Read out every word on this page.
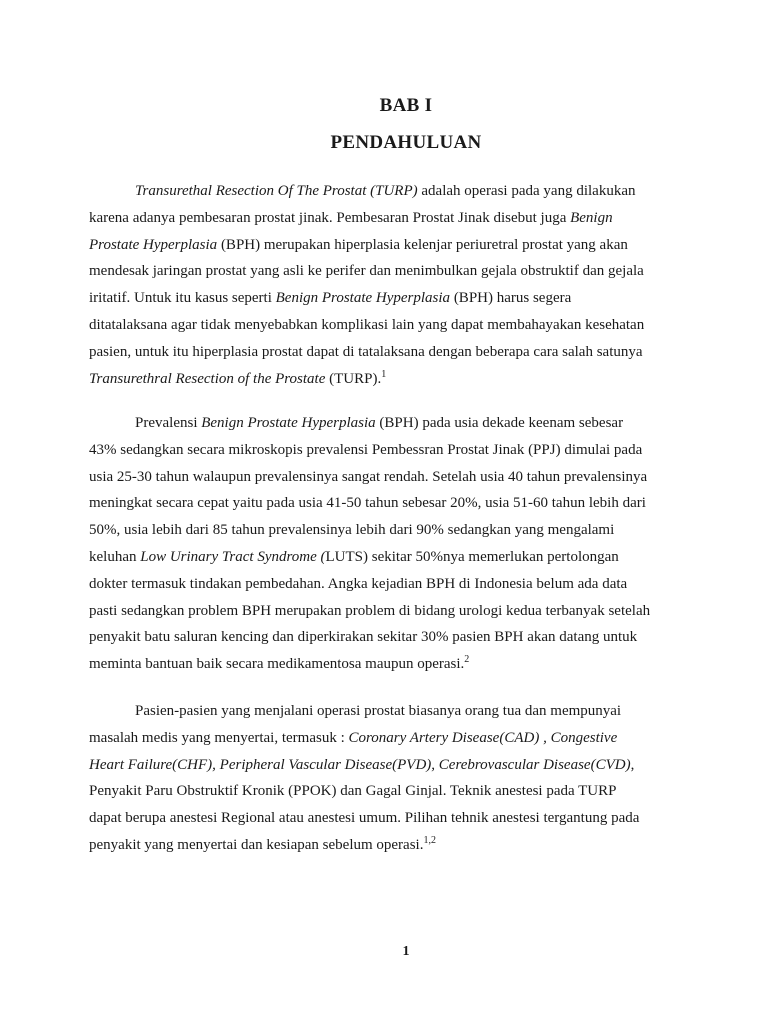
BAB I
PENDAHULUAN

Transurethal Resection Of The Prostat (TURP) adalah operasi pada yang dilakukan karena adanya pembesaran prostat jinak. Pembesaran Prostat Jinak disebut juga Benign Prostate Hyperplasia (BPH) merupakan hiperplasia kelenjar periuretral prostat yang akan mendesak jaringan prostat yang asli ke perifer dan menimbulkan gejala obstruktif dan gejala iritatif. Untuk itu kasus seperti Benign Prostate Hyperplasia (BPH) harus segera ditatalaksana agar tidak menyebabkan komplikasi lain yang dapat membahayakan kesehatan pasien, untuk itu hiperplasia prostat dapat di tatalaksana dengan beberapa cara salah satunya Transurethral Resection of the Prostate (TURP).$^1$

Prevalensi Benign Prostate Hyperplasia (BPH) pada usia dekade keenam sebesar 43% sedangkan secara mikroskopis prevalensi Pembessran Prostat Jinak (PPJ) dimulai pada usia 25-30 tahun walaupun prevalensinya sangat rendah. Setelah usia 40 tahun prevalensinya meningkat secara cepat yaitu pada usia 41-50 tahun sebesar 20%, usia 51-60 tahun lebih dari 50%, usia lebih dari 85 tahun prevalensinya lebih dari 90% sedangkan yang mengalami keluhan Low Urinary Tract Syndrome (LUTS) sekitar 50%nya memerlukan pertolongan dokter termasuk tindakan pembedahan. Angka kejadian BPH di Indonesia belum ada data pasti sedangkan problem BPH merupakan problem di bidang urologi kedua terbanyak setelah penyakit batu saluran kencing dan diperkirakan sekitar 30% pasien BPH akan datang untuk meminta bantuan baik secara medikamentosa maupun operasi.$^2$

Pasien-pasien yang menjalani operasi prostat biasanya orang tua dan mempunyai masalah medis yang menyertai, termasuk : Coronary Artery Disease(CAD) , Congestive Heart Failure(CHF), Peripheral Vascular Disease(PVD), Cerebrovascular Disease(CVD), Penyakit Paru Obstruktif Kronik (PPOK) dan Gagal Ginjal. Teknik anestesi pada TURP dapat berupa anestesi Regional atau anestesi umum. Pilihan tehnik anestesi tergantung pada penyakit yang menyertai dan kesiapan sebelum operasi.$^{1,2}$

1
